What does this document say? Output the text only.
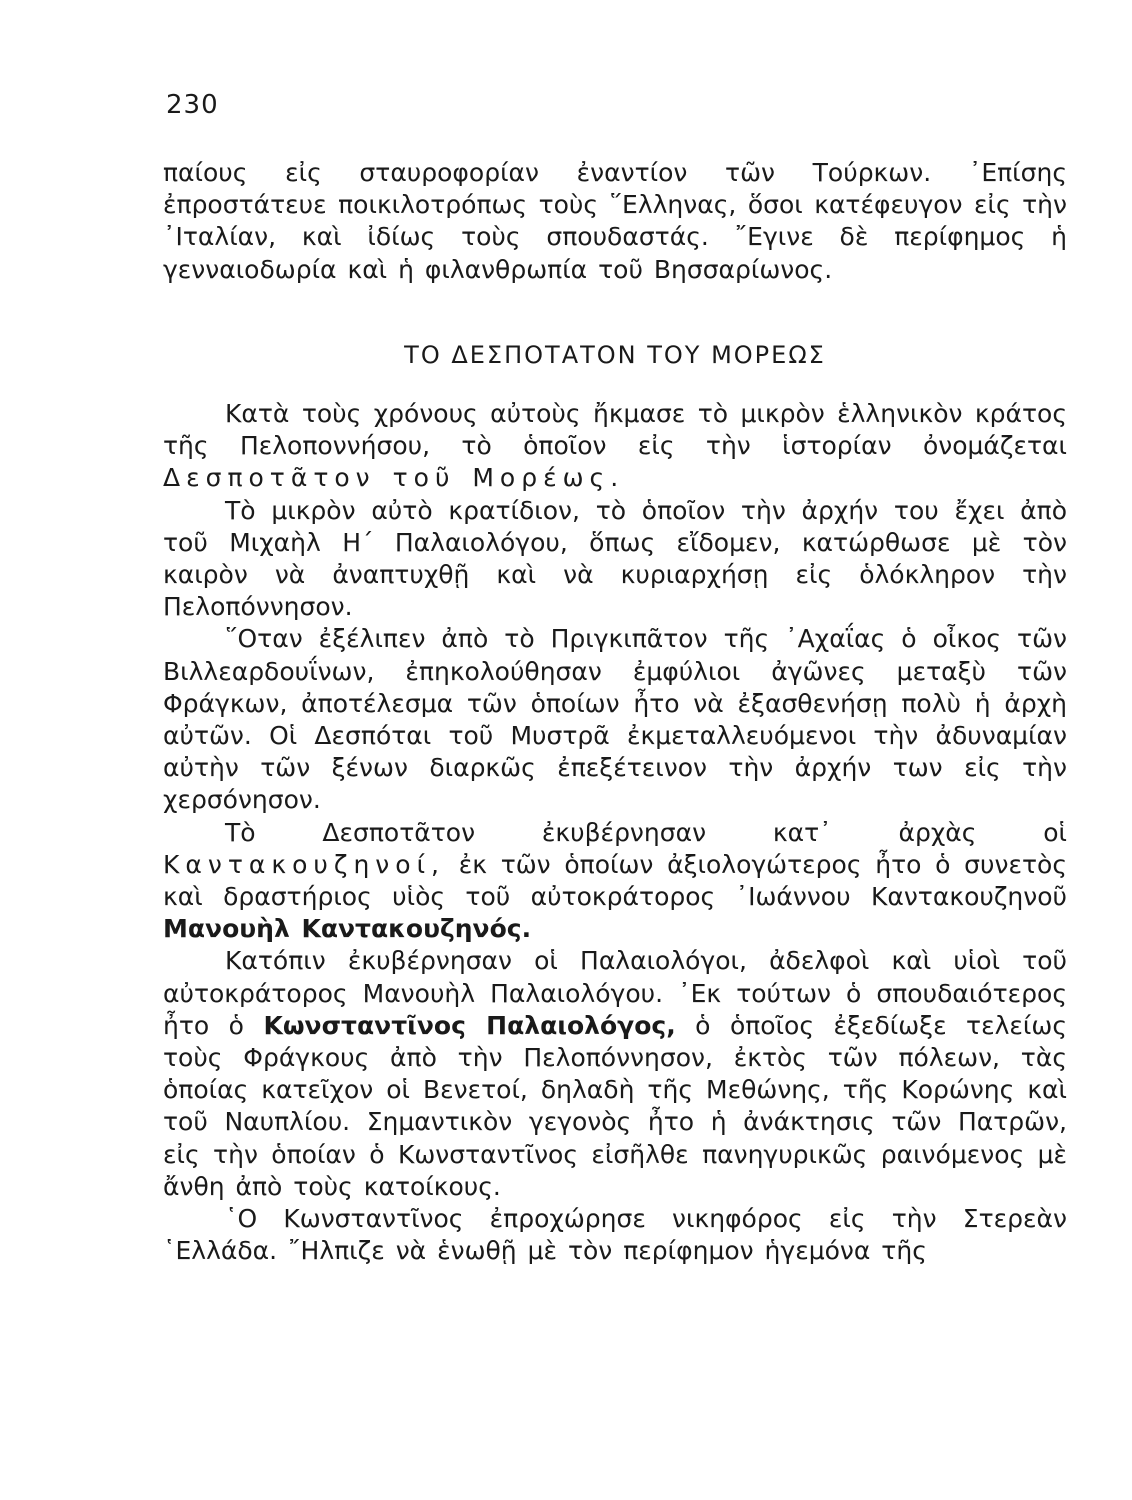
230

παίους εἰς σταυροφορίαν ἐναντίον τῶν Τούρκων. ᾿Επίσης ἐπροστάτευε ποικιλοτρόπως τοὺς ῞Ελληνας, ὅσοι κατέφευγον εἰς τὴν ᾿Ιταλίαν, καὶ ἰδίως τοὺς σπουδαστάς. ῎Εγινε δὲ περίφημος ἡ γενναιοδωρία καὶ ἡ φιλανθρωπία τοῦ Βησσαρίωνος.

ΤΟ ΔΕΣΠΟΤΑΤΟΝ ΤΟΥ ΜΟΡΕΩΣ

Κατὰ τοὺς χρόνους αὐτοὺς ἤκμασε τὸ μικρὸν ἑλληνικὸν κράτος τῆς Πελοποννήσου, τὸ ὁποῖον εἰς τὴν ἱστορίαν ὀνομάζεται Δεσποτᾶτον τοῦ Μορέως.

Τὸ μικρὸν αὐτὸ κρατίδιον, τὸ ὁποῖον τὴν ἀρχήν του ἔχει ἀπὸ τοῦ Μιχαὴλ Η΄ Παλαιολόγου, ὅπως εἴδομεν, κατώρθωσε μὲ τὸν καιρὸν νὰ ἀναπτυχθῇ καὶ νὰ κυριαρχήσῃ εἰς ὁλόκληρον τὴν Πελοπόννησον.

῞Οταν ἐξέλιπεν ἀπὸ τὸ Πριγκιπᾶτον τῆς ᾿Αχαΐας ὁ οἶκος τῶν Βιλλεαρδουΐνων, ἐπηκολούθησαν ἐμφύλιοι ἀγῶνες μεταξὺ τῶν Φράγκων, ἀποτέλεσμα τῶν ὁποίων ἦτο νὰ ἐξασθενήσῃ πολὺ ἡ ἀρχὴ αὐτῶν. Οἱ Δεσπόται τοῦ Μυστρᾶ ἐκμεταλλευόμενοι τὴν ἀδυναμίαν αὐτὴν τῶν ξένων διαρκῶς ἐπεξέτεινον τὴν ἀρχήν των εἰς τὴν χερσόνησον.

Τὸ Δεσποτᾶτον ἐκυβέρνησαν κατ᾿ ἀρχὰς οἱ Καντακουζηνοί, ἐκ τῶν ὁποίων ἀξιολογώτερος ἦτο ὁ συνετὸς καὶ δραστήριος υἱὸς τοῦ αὐτοκράτορος ᾿Ιωάννου Καντακουζηνοῦ Μανουὴλ Καντακουζηνός.

Κατόπιν ἐκυβέρνησαν οἱ Παλαιολόγοι, ἀδελφοὶ καὶ υἱοὶ τοῦ αὐτοκράτορος Μανουὴλ Παλαιολόγου. ᾿Εκ τούτων ὁ σπουδαιότερος ἦτο ὁ Κωνσταντῖνος Παλαιολόγος, ὁ ὁποῖος ἐξεδίωξε τελείως τοὺς Φράγκους ἀπὸ τὴν Πελοπόννησον, ἐκτὸς τῶν πόλεων, τὰς ὁποίας κατεῖχον οἱ Βενετοί, δηλαδὴ τῆς Μεθώνης, τῆς Κορώνης καὶ τοῦ Ναυπλίου. Σημαντικὸν γεγονὸς ἦτο ἡ ἀνάκτησις τῶν Πατρῶν, εἰς τὴν ὁποίαν ὁ Κωνσταντῖνος εἰσῆλθε πανηγυρικῶς ραινόμενος μὲ ἄνθη ἀπὸ τοὺς κατοίκους.

῾Ο Κωνσταντῖνος ἐπροχώρησε νικηφόρος εἰς τὴν Στερεὰν ῾Ελλάδα. ῎Ηλπιζε νὰ ἑνωθῇ μὲ τὸν περίφημον ἡγεμόνα τῆς
